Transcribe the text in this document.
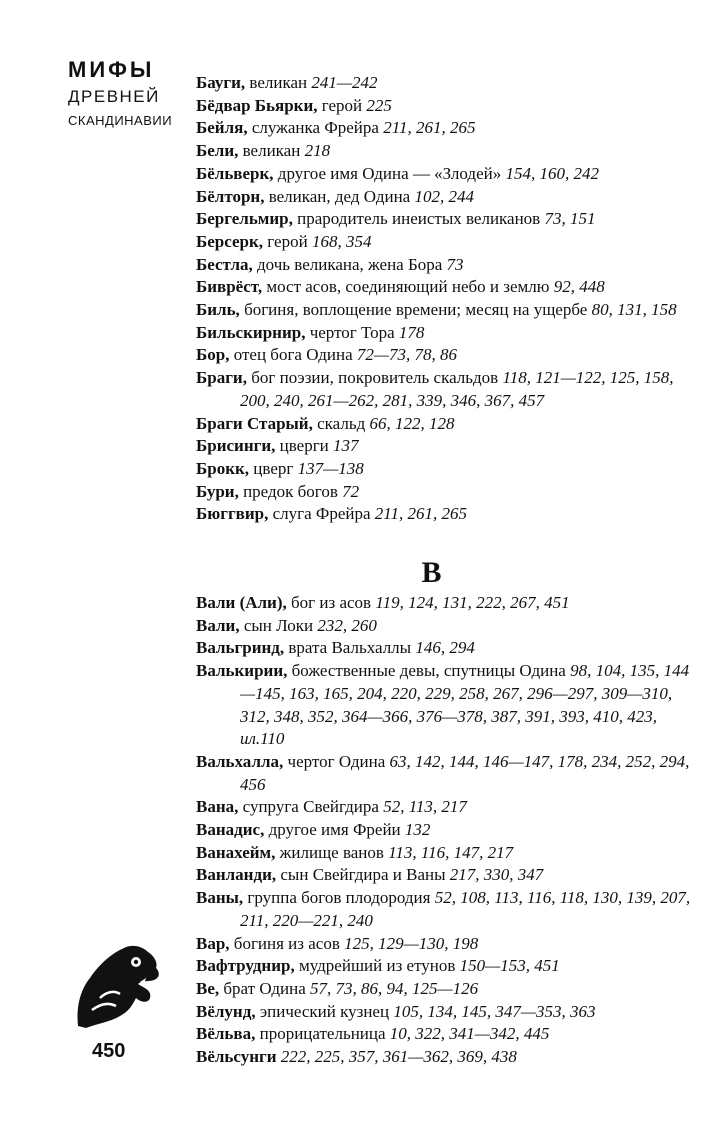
МИФЫ
ДРЕВНЕЙ
СКАНДИНАВИИ
450
Бауги, великан 241—242
Бёдвар Бьярки, герой 225
Бейля, служанка Фрейра 211, 261, 265
Бели, великан 218
Бёльверк, другое имя Одина — «Злодей» 154, 160, 242
Бёлторн, великан, дед Одина 102, 244
Бергельмир, прародитель инеистых великанов 73, 151
Берсерк, герой 168, 354
Бестла, дочь великана, жена Бора 73
Биврёст, мост асов, соединяющий небо и землю 92, 448
Биль, богиня, воплощение времени; месяц на ущербе 80, 131, 158
Бильскирнир, чертог Тора 178
Бор, отец бога Одина 72—73, 78, 86
Браги, бог поэзии, покровитель скальдов 118, 121—122, 125, 158, 200, 240, 261—262, 281, 339, 346, 367, 457
Браги Старый, скальд 66, 122, 128
Брисинги, цверги 137
Брокк, цверг 137—138
Бури, предок богов 72
Бюггвир, слуга Фрейра 211, 261, 265
В
Вали (Али), бог из асов 119, 124, 131, 222, 267, 451
Вали, сын Локи 232, 260
Вальгринд, врата Вальхаллы 146, 294
Валькирии, божественные девы, спутницы Одина 98, 104, 135, 144—145, 163, 165, 204, 220, 229, 258, 267, 296—297, 309—310, 312, 348, 352, 364—366, 376—378, 387, 391, 393, 410, 423, ил.110
Вальхалла, чертог Одина 63, 142, 144, 146—147, 178, 234, 252, 294, 456
Вана, супруга Свейгдира 52, 113, 217
Ванадис, другое имя Фрейи 132
Ванахейм, жилище ванов 113, 116, 147, 217
Ванланди, сын Свейгдира и Ваны 217, 330, 347
Ваны, группа богов плодородия 52, 108, 113, 116, 118, 130, 139, 207, 211, 220—221, 240
Вар, богиня из асов 125, 129—130, 198
Вафтруднир, мудрейший из етунов 150—153, 451
Ве, брат Одина 57, 73, 86, 94, 125—126
Вёлунд, эпический кузнец 105, 134, 145, 347—353, 363
Вёльва, прорицательница 10, 322, 341—342, 445
Вёльсунги 222, 225, 357, 361—362, 369, 438
